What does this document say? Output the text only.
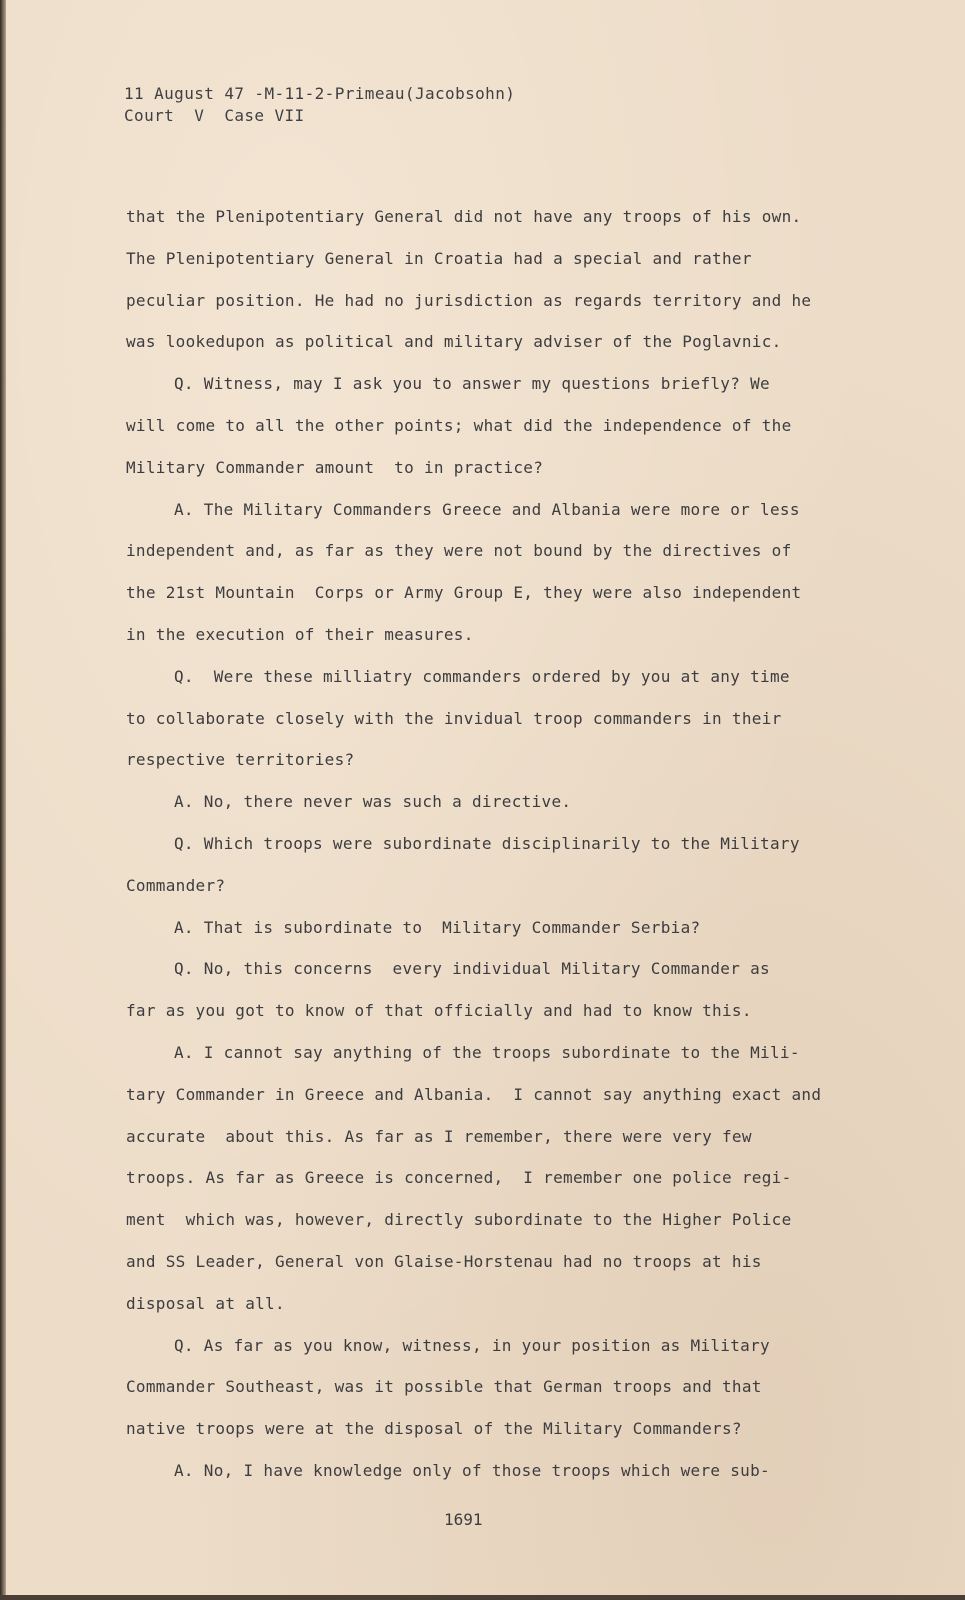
11 August 47 -M-11-2-Primeau(Jacobsohn)
Court  V  Case VII
that the Plenipotentiary General did not have any troops of his own.
The Plenipotentiary General in Croatia had a special and rather
peculiar position. He had no jurisdiction as regards territory and he
was lookedupon as political and military adviser of the Poglavnic.
Q. Witness, may I ask you to answer my questions briefly? We
will come to all the other points; what did the independence of the
Military Commander amount  to in practice?
A. The Military Commanders Greece and Albania were more or less
independent and, as far as they were not bound by the directives of
the 21st Mountain  Corps or Army Group E, they were also independent
in the execution of their measures.
Q.  Were these milliatry commanders ordered by you at any time
to collaborate closely with the invidual troop commanders in their
respective territories?
A. No, there never was such a directive.
Q. Which troops were subordinate disciplinarily to the Military
Commander?
A. That is subordinate to  Military Commander Serbia?
Q. No, this concerns  every individual Military Commander as
far as you got to know of that officially and had to know this.
A. I cannot say anything of the troops subordinate to the Mili-
tary Commander in Greece and Albania.  I cannot say anything exact and
accurate  about this. As far as I remember, there were very few
troops. As far as Greece is concerned,  I remember one police regi-
ment  which was, however, directly subordinate to the Higher Police
and SS Leader, General von Glaise-Horstenau had no troops at his
disposal at all.
Q. As far as you know, witness, in your position as Military
Commander Southeast, was it possible that German troops and that
native troops were at the disposal of the Military Commanders?
A. No, I have knowledge only of those troops which were sub-
1691
